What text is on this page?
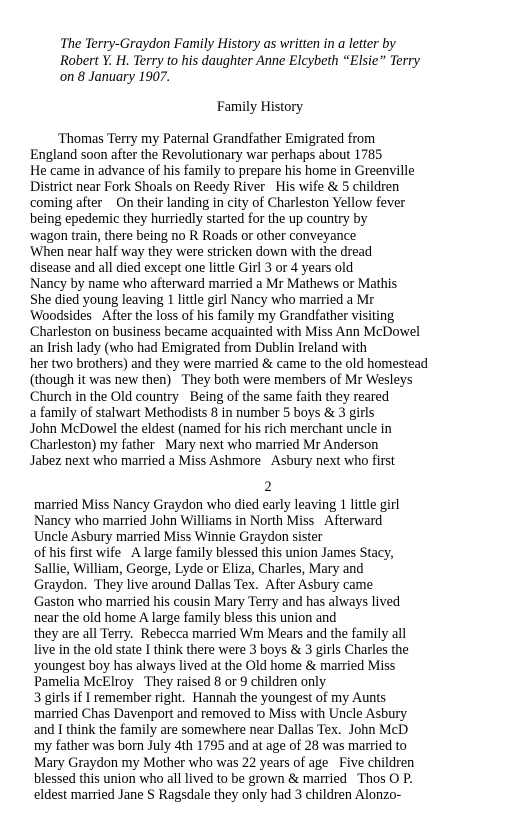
The Terry-Graydon Family History as written in a letter by
Robert Y. H. Terry to his daughter Anne Elcybeth “Elsie” Terry
on 8 January 1907.
Family History
Thomas Terry my Paternal Grandfather Emigrated from
England soon after the Revolutionary war perhaps about 1785
He came in advance of his family to prepare his home in Greenville
District near Fork Shoals on Reedy River   His wife & 5 children
coming after    On their landing in city of Charleston Yellow fever
being epedemic they hurriedly started for the up country by
wagon train, there being no R Roads or other conveyance
When near half way they were stricken down with the dread
disease and all died except one little Girl 3 or 4 years old
Nancy by name who afterward married a Mr Mathews or Mathis
She died young leaving 1 little girl Nancy who married a Mr
Woodsides   After the loss of his family my Grandfather visiting
Charleston on business became acquainted with Miss Ann McDowel
an Irish lady (who had Emigrated from Dublin Ireland with
her two brothers) and they were married & came to the old homestead
(though it was new then)   They both were members of Mr Wesleys
Church in the Old country   Being of the same faith they reared
a family of stalwart Methodists 8 in number 5 boys & 3 girls
John McDowel the eldest (named for his rich merchant uncle in
Charleston) my father   Mary next who married Mr Anderson
Jabez next who married a Miss Ashmore   Asbury next who first
2
married Miss Nancy Graydon who died early leaving 1 little girl
Nancy who married John Williams in North Miss   Afterward
Uncle Asbury married Miss Winnie Graydon sister
of his first wife   A large family blessed this union James Stacy,
Sallie, William, George, Lyde or Eliza, Charles, Mary and
Graydon.  They live around Dallas Tex.  After Asbury came
Gaston who married his cousin Mary Terry and has always lived
near the old home A large family bless this union and
they are all Terry.  Rebecca married Wm Mears and the family all
live in the old state I think there were 3 boys & 3 girls Charles the
youngest boy has always lived at the Old home & married Miss
Pamelia McElroy   They raised 8 or 9 children only
3 girls if I remember right.  Hannah the youngest of my Aunts
married Chas Davenport and removed to Miss with Uncle Asbury
and I think the family are somewhere near Dallas Tex.  John McD
my father was born July 4th 1795 and at age of 28 was married to
Mary Graydon my Mother who was 22 years of age   Five children
blessed this union who all lived to be grown & married   Thos O P.
eldest married Jane S Ragsdale they only had 3 children Alonzo-
